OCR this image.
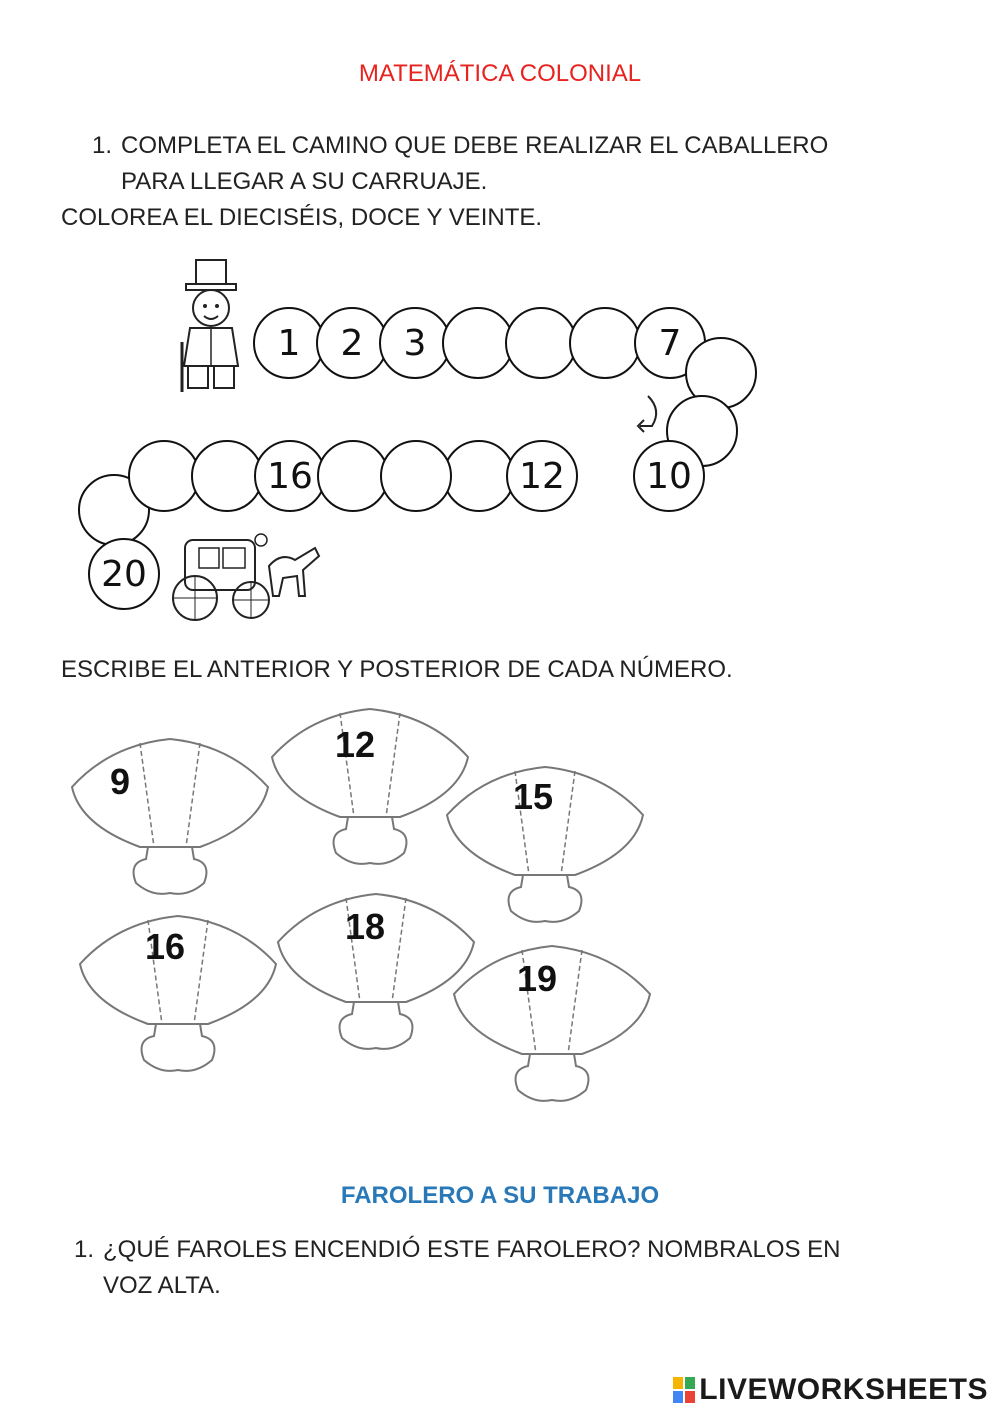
MATEMÁTICA COLONIAL
1. COMPLETA EL CAMINO QUE DEBE REALIZAR EL CABALLERO
PARA LLEGAR A SU CARRUAJE.
COLOREA EL DIECISÉIS, DOCE Y VEINTE.
1	2	3	7
16	12	10
20
ESCRIBE EL ANTERIOR Y POSTERIOR DE CADA NÚMERO.
9
12
15
16	18
19
FAROLERO A SU TRABAJO
1. ¿QUÉ FAROLES ENCENDIÓ ESTE FAROLERO? NOMBRALOS EN
VOZ ALTA.
LIVEWORKSHEETS
